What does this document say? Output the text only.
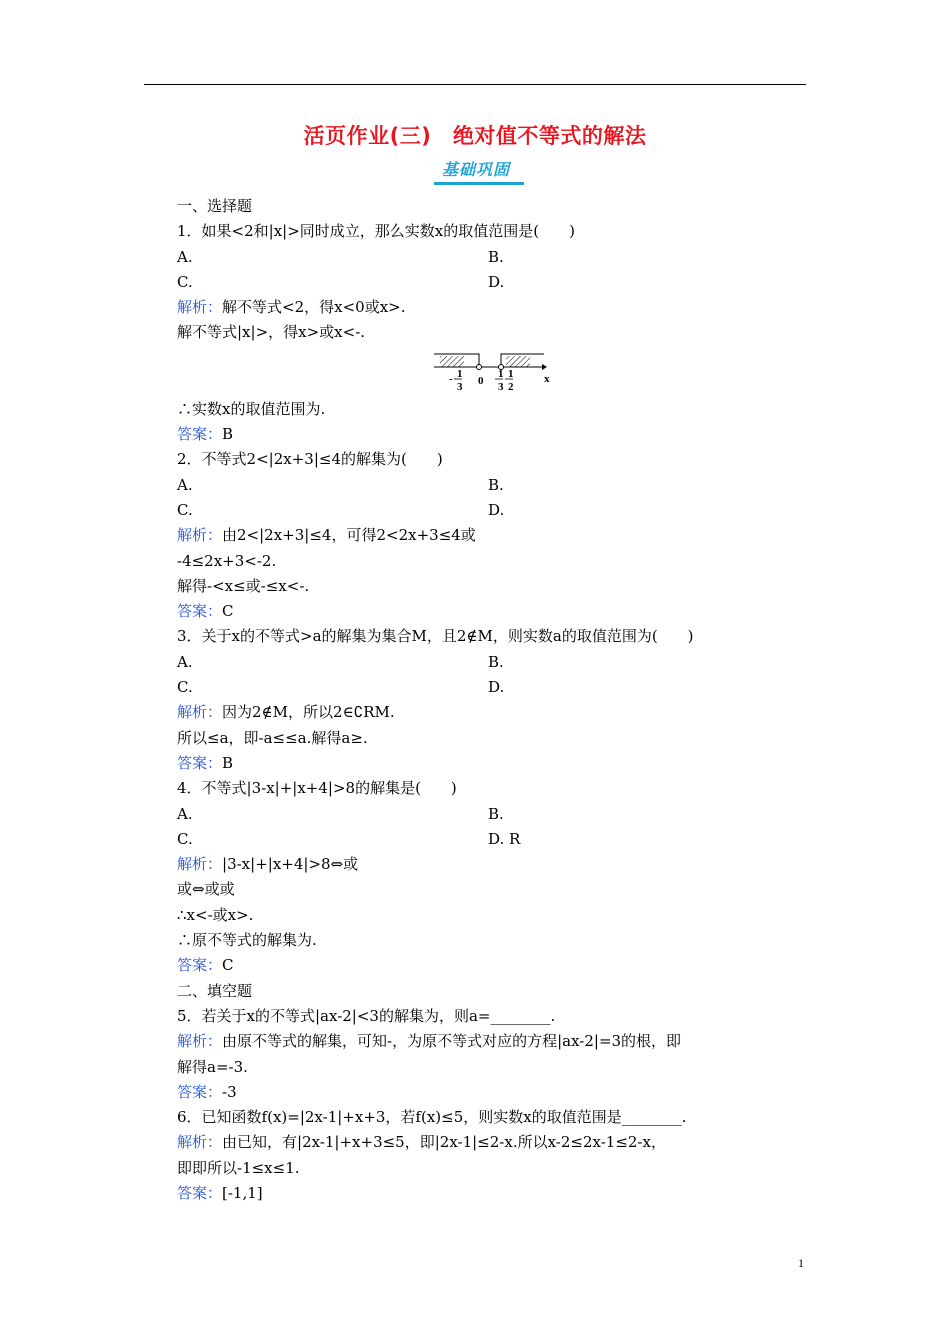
活页作业(三)　绝对值不等式的解法
基础巩固
一、选择题
1．如果<2和|x|>同时成立，那么实数x的取值范围是(　　)
A.	B.
C.	D.
解析：解不等式<2，得x<0或x>.
解不等式|x|>，得x>或x<-.
1
3 0
1
3
1
2
x
-
∴实数x的取值范围为.
答案：B
2．不等式2<|2x+3|≤4的解集为(　　)
A.	B.
C.	D.
解析：由2<|2x+3|≤4，可得2<2x+3≤4或
-4≤2x+3<-2.
解得-<x≤或-≤x<-.
答案：C
3．关于x的不等式>a的解集为集合M，且2∉M，则实数a的取值范围为(　　)
A.	B.
C.	D.
解析：因为2∉M，所以2∈∁RM.
所以≤a，即-a≤≤a.解得a≥.
答案：B
4．不等式|3-x|+|x+4|>8的解集是(　　)
A.	B.
C.	D. R
解析：|3-x|+|x+4|>8⇔或
或⇔或或
∴x<-或x>.
∴原不等式的解集为.
答案：C
二、填空题
5．若关于x的不等式|ax-2|<3的解集为，则a=________.
解析：由原不等式的解集，可知-，为原不等式对应的方程|ax-2|=3的根，即
解得a=-3.
答案：-3
6．已知函数f(x)=|2x-1|+x+3，若f(x)≤5，则实数x的取值范围是________.
解析：由已知，有|2x-1|+x+3≤5，即|2x-1|≤2-x.所以x-2≤2x-1≤2-x，
即即所以-1≤x≤1.
答案：[-1,1]
1
